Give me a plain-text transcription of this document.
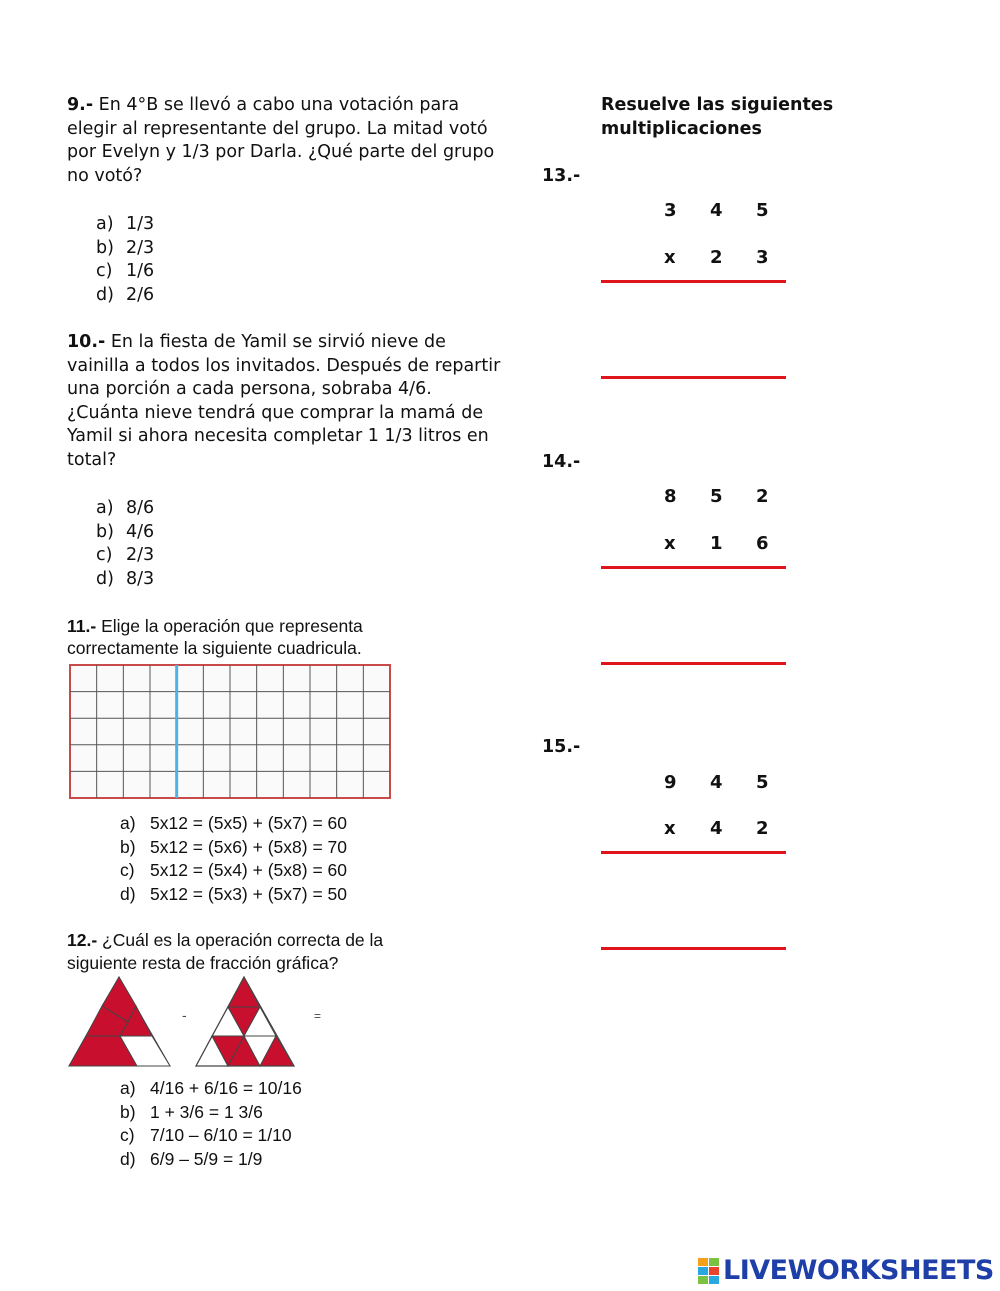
9.- En 4°B se llevó a cabo una votación para elegir al representante del grupo. La mitad votó por Evelyn y 1/3 por Darla. ¿Qué parte del grupo no votó?
a) 1/3
b) 2/3
c) 1/6
d) 2/6
10.- En la fiesta de Yamil se sirvió nieve de vainilla a todos los invitados. Después de repartir una porción a cada persona, sobraba 4/6. ¿Cuánta nieve tendrá que comprar la mamá de Yamil si ahora necesita completar 1 1/3 litros en total?
a) 8/6
b) 4/6
c) 2/3
d) 8/3
11.- Elige la operación que representa correctamente la siguiente cuadricula.
a) 5x12 = (5x5) + (5x7) = 60
b) 5x12 = (5x6) + (5x8) = 70
c) 5x12 = (5x4) + (5x8) = 60
d) 5x12 = (5x3) + (5x7) = 50
12.- ¿Cuál es la operación correcta de la siguiente resta de fracción gráfica?
-	=
a) 4/16 + 6/16 = 10/16
b) 1 + 3/6 = 1 3/6
c) 7/10 – 6/10 = 1/10
d) 6/9 – 5/9 = 1/9
Resuelve las siguientes
multiplicaciones
13.-
3 4 5
x 2 3
14.-
8 5 2
x 1 6
15.-
9 4 5
x 4 2
LIVEWORKSHEETS
